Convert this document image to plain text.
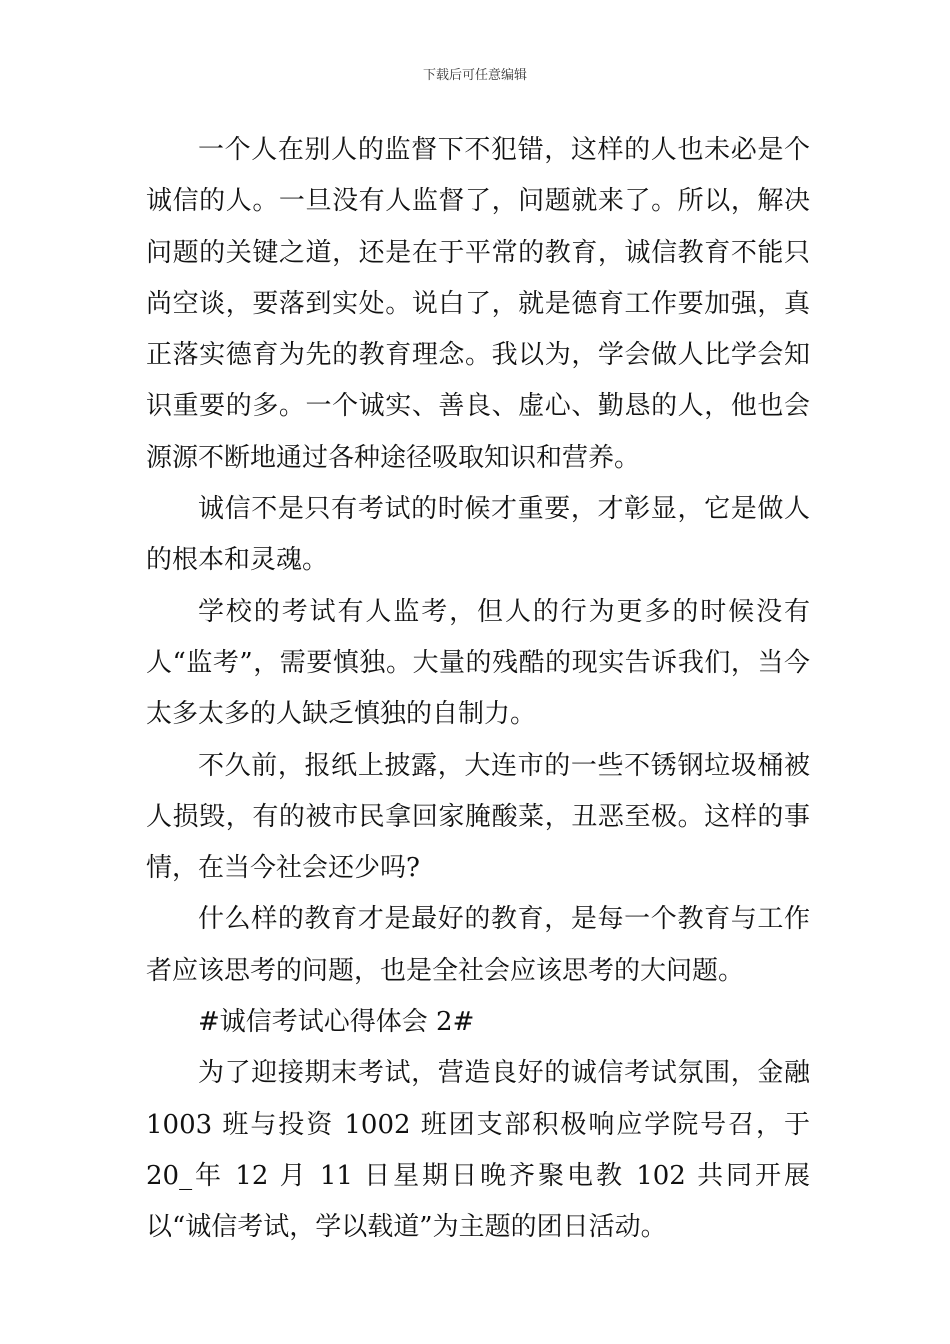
下载后可任意编辑

一个人在别人的监督下不犯错，这样的人也未必是个诚信的人。一旦没有人监督了，问题就来了。所以，解决问题的关键之道，还是在于平常的教育，诚信教育不能只尚空谈，要落到实处。说白了，就是德育工作要加强，真正落实德育为先的教育理念。我以为，学会做人比学会知识重要的多。一个诚实、善良、虚心、勤恳的人，他也会源源不断地通过各种途径吸取知识和营养。

诚信不是只有考试的时候才重要，才彰显，它是做人的根本和灵魂。

学校的考试有人监考，但人的行为更多的时候没有人“监考”，需要慎独。大量的残酷的现实告诉我们，当今太多太多的人缺乏慎独的自制力。

不久前，报纸上披露，大连市的一些不锈钢垃圾桶被人损毁，有的被市民拿回家腌酸菜，丑恶至极。这样的事情，在当今社会还少吗?

什么样的教育才是最好的教育，是每一个教育与工作者应该思考的问题，也是全社会应该思考的大问题。

#诚信考试心得体会 2#

为了迎接期末考试，营造良好的诚信考试氛围，金融 1003 班与投资 1002 班团支部积极响应学院号召，于 20_年 12 月 11 日星期日晚齐聚电教 102 共同开展以“诚信考试，学以载道”为主题的团日活动。
